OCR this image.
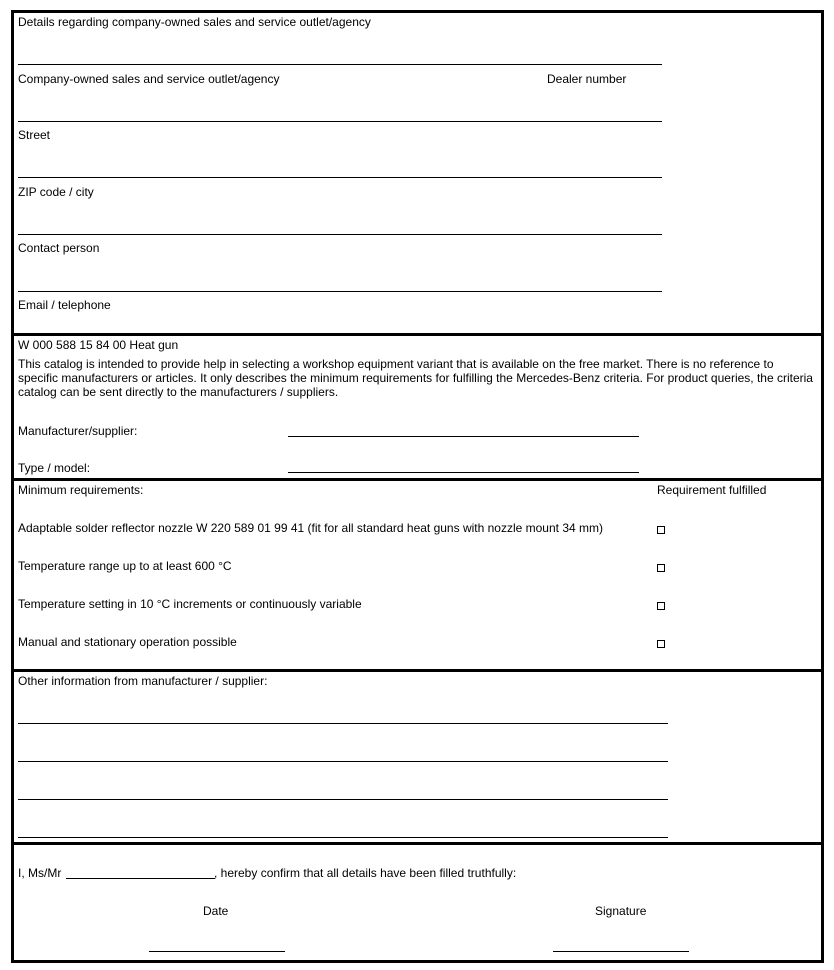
Details regarding company-owned sales and service outlet/agency
Company-owned sales and service outlet/agency	Dealer number
Street
ZIP code / city
Contact person
Email / telephone
W 000 588 15 84 00 Heat gun
This catalog is intended to provide help in selecting a workshop equipment variant that is available on the free market. There is no reference to specific manufacturers or articles. It only describes the minimum requirements for fulfilling the Mercedes-Benz criteria. For product queries, the criteria catalog can be sent directly to the manufacturers / suppliers.
Manufacturer/supplier:
Type / model:
Minimum requirements:	Requirement fulfilled
Adaptable solder reflector nozzle W 220 589 01 99 41 (fit for all standard heat guns with nozzle mount 34 mm)
Temperature range up to at least 600 °C
Temperature setting in 10 °C increments or continuously variable
Manual and stationary operation possible
Other information from manufacturer / supplier:
I, Ms/Mr	, hereby confirm that all details have been filled truthfully:
Date	Signature
